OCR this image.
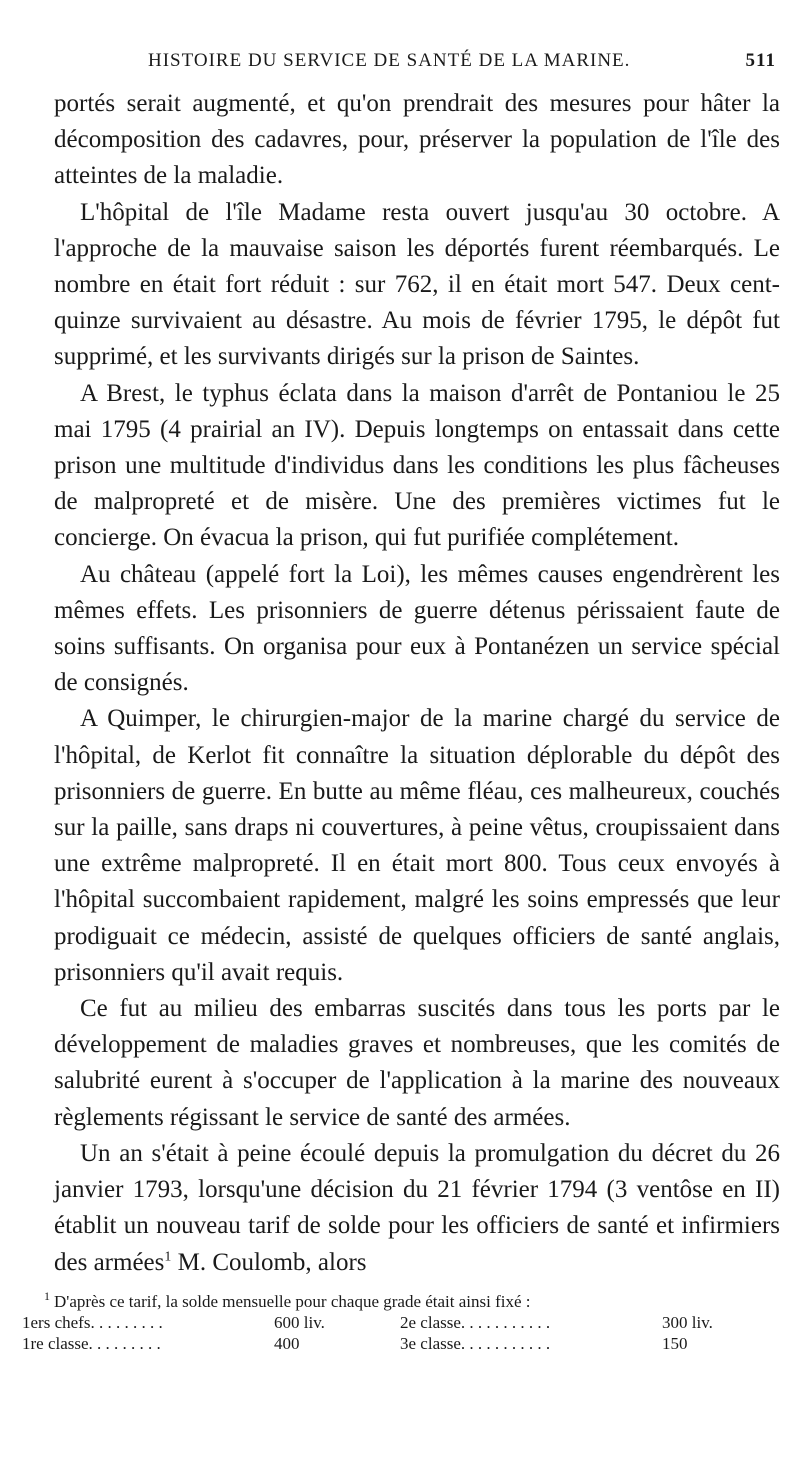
HISTOIRE DU SERVICE DE SANTÉ DE LA MARINE.	511

portés serait augmenté, et qu'on prendrait des mesures pour hâter la décomposition des cadavres, pour, préserver la population de l'île des atteintes de la maladie.

L'hôpital de l'île Madame resta ouvert jusqu'au 30 octobre. A l'approche de la mauvaise saison les déportés furent réembarqués. Le nombre en était fort réduit : sur 762, il en était mort 547. Deux cent-quinze survivaient au désastre. Au mois de février 1795, le dépôt fut supprimé, et les survivants dirigés sur la prison de Saintes.

A Brest, le typhus éclata dans la maison d'arrêt de Pontaniou le 25 mai 1795 (4 prairial an IV). Depuis longtemps on entassait dans cette prison une multitude d'individus dans les conditions les plus fâcheuses de malpropreté et de misère. Une des premières victimes fut le concierge. On évacua la prison, qui fut purifiée complétement.

Au château (appelé fort la Loi), les mêmes causes engendrèrent les mêmes effets. Les prisonniers de guerre détenus périssaient faute de soins suffisants. On organisa pour eux à Pontanézen un service spécial de consignés.

A Quimper, le chirurgien-major de la marine chargé du service de l'hôpital, de Kerlot fit connaître la situation déplorable du dépôt des prisonniers de guerre. En butte au même fléau, ces malheureux, couchés sur la paille, sans draps ni couvertures, à peine vêtus, croupissaient dans une extrême malpropreté. Il en était mort 800. Tous ceux envoyés à l'hôpital succombaient rapidement, malgré les soins empressés que leur prodiguait ce médecin, assisté de quelques officiers de santé anglais, prisonniers qu'il avait requis.

Ce fut au milieu des embarras suscités dans tous les ports par le développement de maladies graves et nombreuses, que les comités de salubrité eurent à s'occuper de l'application à la marine des nouveaux règlements régissant le service de santé des armées.

Un an s'était à peine écoulé depuis la promulgation du décret du 26 janvier 1793, lorsqu'une décision du 21 février 1794 (3 ventôse en II) établit un nouveau tarif de solde pour les officiers de santé et infirmiers des armées$^1$ M. Coulomb, alors

$^1$ D'après ce tarif, la solde mensuelle pour chaque grade était ainsi fixé :
1ers chefs. . . . . . . . .	600 liv.	2e classe. . . . . . . . . . .	300 liv.
1re classe. . . . . . . . .	400	3e classe. . . . . . . . . . .	150
